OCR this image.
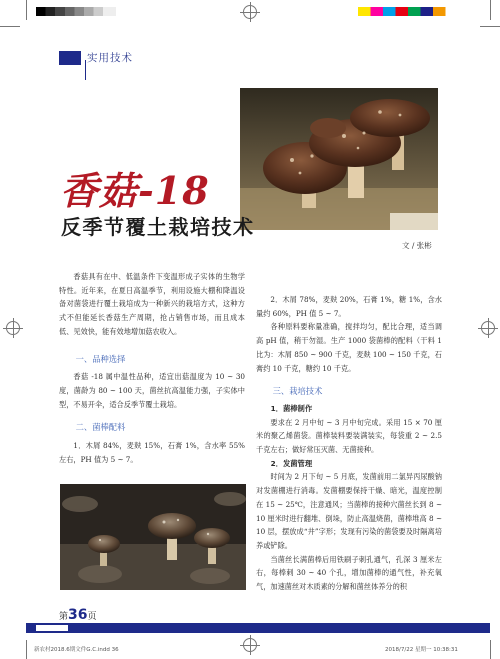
实用技术
香菇-18
反季节覆土栽培技术
文 / 张彬

香菇具有在中、低温条件下变温形成子实体的生物学特性。近年来，在夏日高温季节，利用设施大棚和降温设备对菌袋进行覆土栽培成为一种新兴的栽培方式，这种方式不但能延长香菇生产周期，抢占销售市场，而且成本低、见效快，能有效地增加菇农收入。

一、品种选择

香菇 -18 属中温性品种，适宜出菇温度为 10 ~ 30 度，菌龄为 80 ~ 100 天，菌丝抗高温能力强，子实体中型，不易开伞，适合反季节覆土栽培。

二、菌棒配料

1．木屑 84%，麦麸 15%，石膏 1%，含水率 55% 左右，PH 值为 5 ~ 7。

2．木屑 78%，麦麸 20%，石膏 1%，糖 1%，含水量约 60%，PH 值 5 ~ 7。

各种原料要称量准确，搅拌均匀，配比合理，适当调高 pH 值，稍干勿湿。生产 1000 袋菌棒的配料（干料 1 比为：木屑 850 ~ 900 千克，麦麸 100 ~ 150 千克，石膏约 10 千克，糖约 10 千克。

三、栽培技术

1．菌棒制作

要求在 2 月中旬 ~ 3 月中旬完成。采用 15 × 70 厘米的聚乙烯菌袋。菌棒装料要装满装实，每袋重 2 ~ 2.5 千克左右；做好常压灭菌、无菌接种。

2．发菌管理

时间为 2 月下旬 ~ 5 月底，发菌前用二氯异丙尿酸钠对发菌棚进行消毒。发菌棚要保持干燥、暗光，温度控制在 15 ~ 25℃，注意通风；当菌棒的接种穴菌丝长到 8 ~ 10 厘米时进行翻堆、倒垛，防止高温烧菌，菌棒堆高 8 ~ 10 层，摆放成“井”字形；发现有污染的菌袋要及时隔离培养或铲除。

当菌丝长满菌棒后用铁刷子刺孔通气，孔深 3 厘米左右，每棒刺 30 ~ 40 个孔，增加菌棒的通气性，补充氧气，加速菌丝对木质素的分解和菌丝体养分的积

第36页
新农村2018.6期文件G.C.indd 36	2018/7/22 星期一 10:38:31
